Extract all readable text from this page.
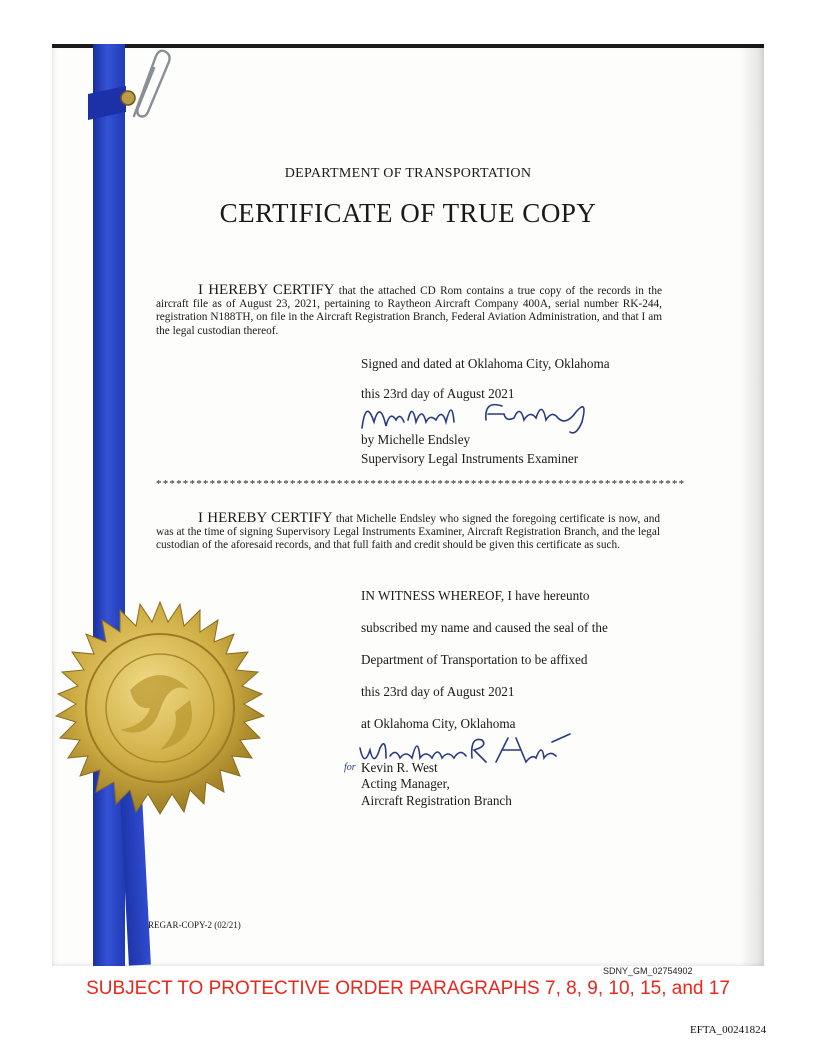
DEPARTMENT OF TRANSPORTATION
CERTIFICATE OF TRUE COPY
I HEREBY CERTIFY that the attached CD Rom contains a true copy of the records in the aircraft file as of August 23, 2021, pertaining to Raytheon Aircraft Company 400A, serial number RK-244, registration N188TH, on file in the Aircraft Registration Branch, Federal Aviation Administration, and that I am the legal custodian thereof.
Signed and dated at Oklahoma City, Oklahoma
this 23rd day of August 2021
by Michelle Endsley
Supervisory Legal Instruments Examiner
*******************************************************************************
I HEREBY CERTIFY that Michelle Endsley who signed the foregoing certificate is now, and was at the time of signing Supervisory Legal Instruments Examiner, Aircraft Registration Branch, and the legal custodian of the aforesaid records, and that full faith and credit should be given this certificate as such.
IN WITNESS WHEREOF, I have hereunto
subscribed my name and caused the seal of the
Department of Transportation to be affixed
this 23rd day of August 2021
at Oklahoma City, Oklahoma
for Kevin R. West
Acting Manager,
Aircraft Registration Branch
REGAR-COPY-2 (02/21)
SDNY_GM_02754902
SUBJECT TO PROTECTIVE ORDER PARAGRAPHS 7, 8, 9, 10, 15, and 17
EFTA_00241824
